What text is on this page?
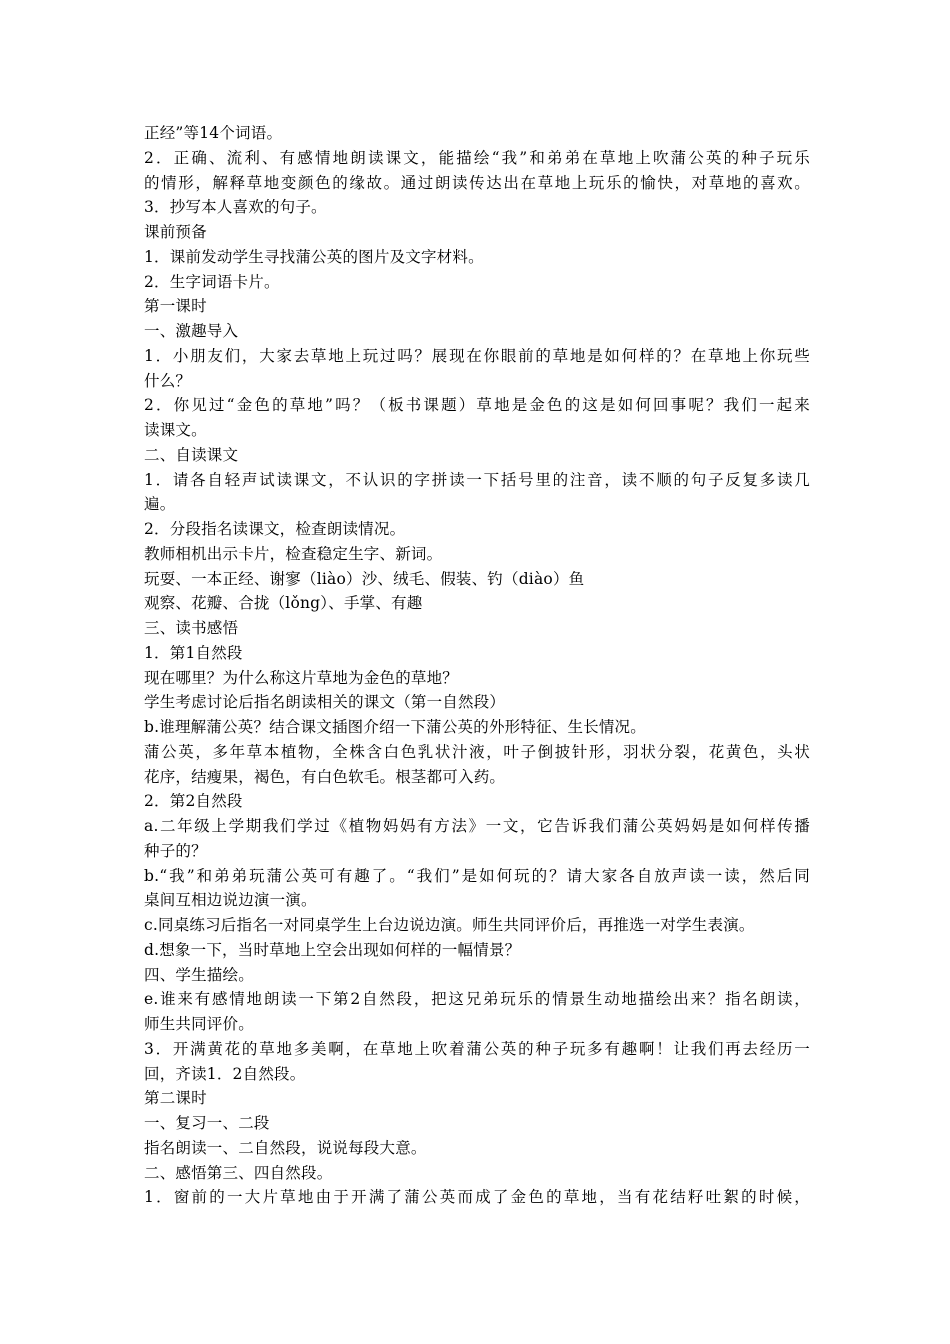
正经”等14个词语。
2．正确、流利、有感情地朗读课文，能描绘“我”和弟弟在草地上吹蒲公英的种子玩乐
的情形，解释草地变颜色的缘故。通过朗读传达出在草地上玩乐的愉快，对草地的喜欢。
3．抄写本人喜欢的句子。
课前预备
1．课前发动学生寻找蒲公英的图片及文字材料。
2．生字词语卡片。
第一课时
一、激趣导入
1．小朋友们，大家去草地上玩过吗？展现在你眼前的草地是如何样的？在草地上你玩些
什么？
2．你见过“金色的草地”吗？（板书课题）草地是金色的这是如何回事呢？我们一起来
读课文。
二、自读课文
1．请各自轻声试读课文，不认识的字拼读一下括号里的注音，读不顺的句子反复多读几
遍。
2．分段指名读课文，检查朗读情况。
教师相机出示卡片，检查稳定生字、新词。
玩耍、一本正经、谢寥（liào）沙、绒毛、假装、钓（diào）鱼
观察、花瓣、合拢（lǒng）、手掌、有趣
三、读书感悟
1．第1自然段
现在哪里？为什么称这片草地为金色的草地？
学生考虑讨论后指名朗读相关的课文（第一自然段）
b.谁理解蒲公英？结合课文插图介绍一下蒲公英的外形特征、生长情况。
蒲公英，多年草本植物，全株含白色乳状汁液，叶子倒披针形，羽状分裂，花黄色，头状
花序，结瘦果，褐色，有白色软毛。根茎都可入药。
2．第2自然段
a.二年级上学期我们学过《植物妈妈有方法》一文，它告诉我们蒲公英妈妈是如何样传播
种子的？
b.“我”和弟弟玩蒲公英可有趣了。“我们”是如何玩的？请大家各自放声读一读，然后同
桌间互相边说边演一演。
c.同桌练习后指名一对同桌学生上台边说边演。师生共同评价后，再推选一对学生表演。
d.想象一下，当时草地上空会出现如何样的一幅情景？
四、学生描绘。
e.谁来有感情地朗读一下第2自然段，把这兄弟玩乐的情景生动地描绘出来？指名朗读，
师生共同评价。
3．开满黄花的草地多美啊，在草地上吹着蒲公英的种子玩多有趣啊！让我们再去经历一
回，齐读1．2自然段。
第二课时
一、复习一、二段
指名朗读一、二自然段，说说每段大意。
二、感悟第三、四自然段。
1．窗前的一大片草地由于开满了蒲公英而成了金色的草地，当有花结籽吐絮的时候，
